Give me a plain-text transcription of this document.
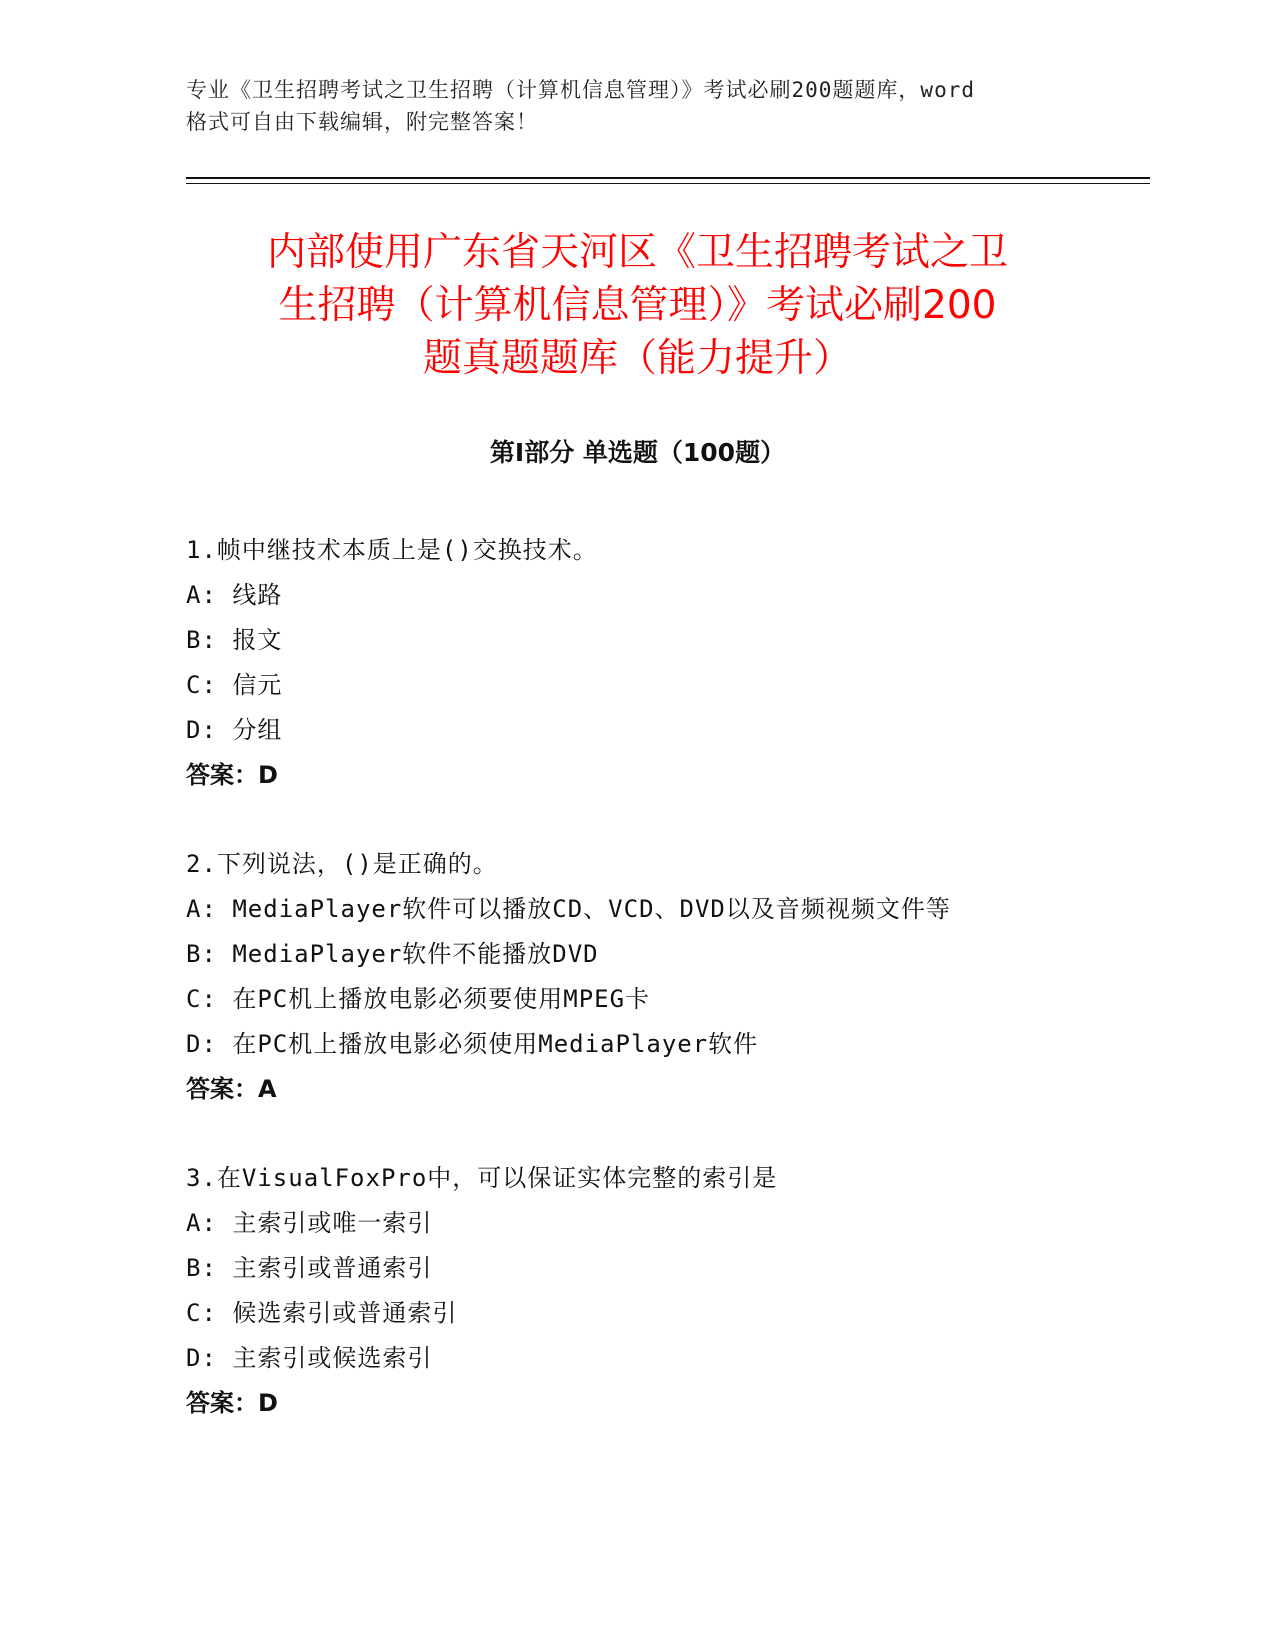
专业《卫生招聘考试之卫生招聘（计算机信息管理）》考试必刷200题题库，word
格式可自由下载编辑，附完整答案！
内部使用广东省天河区《卫生招聘考试之卫
生招聘（计算机信息管理）》考试必刷200
题真题题库（能力提升）
第Ⅰ部分 单选题（100题）
1.帧中继技术本质上是()交换技术。
A: 线路
B: 报文
C: 信元
D: 分组
答案：D
2.下列说法，()是正确的。
A: MediaPlayer软件可以播放CD、VCD、DVD以及音频视频文件等
B: MediaPlayer软件不能播放DVD
C: 在PC机上播放电影必须要使用MPEG卡
D: 在PC机上播放电影必须使用MediaPlayer软件
答案：A
3.在VisualFoxPro中，可以保证实体完整的索引是
A: 主索引或唯一索引
B: 主索引或普通索引
C: 候选索引或普通索引
D: 主索引或候选索引
答案：D
